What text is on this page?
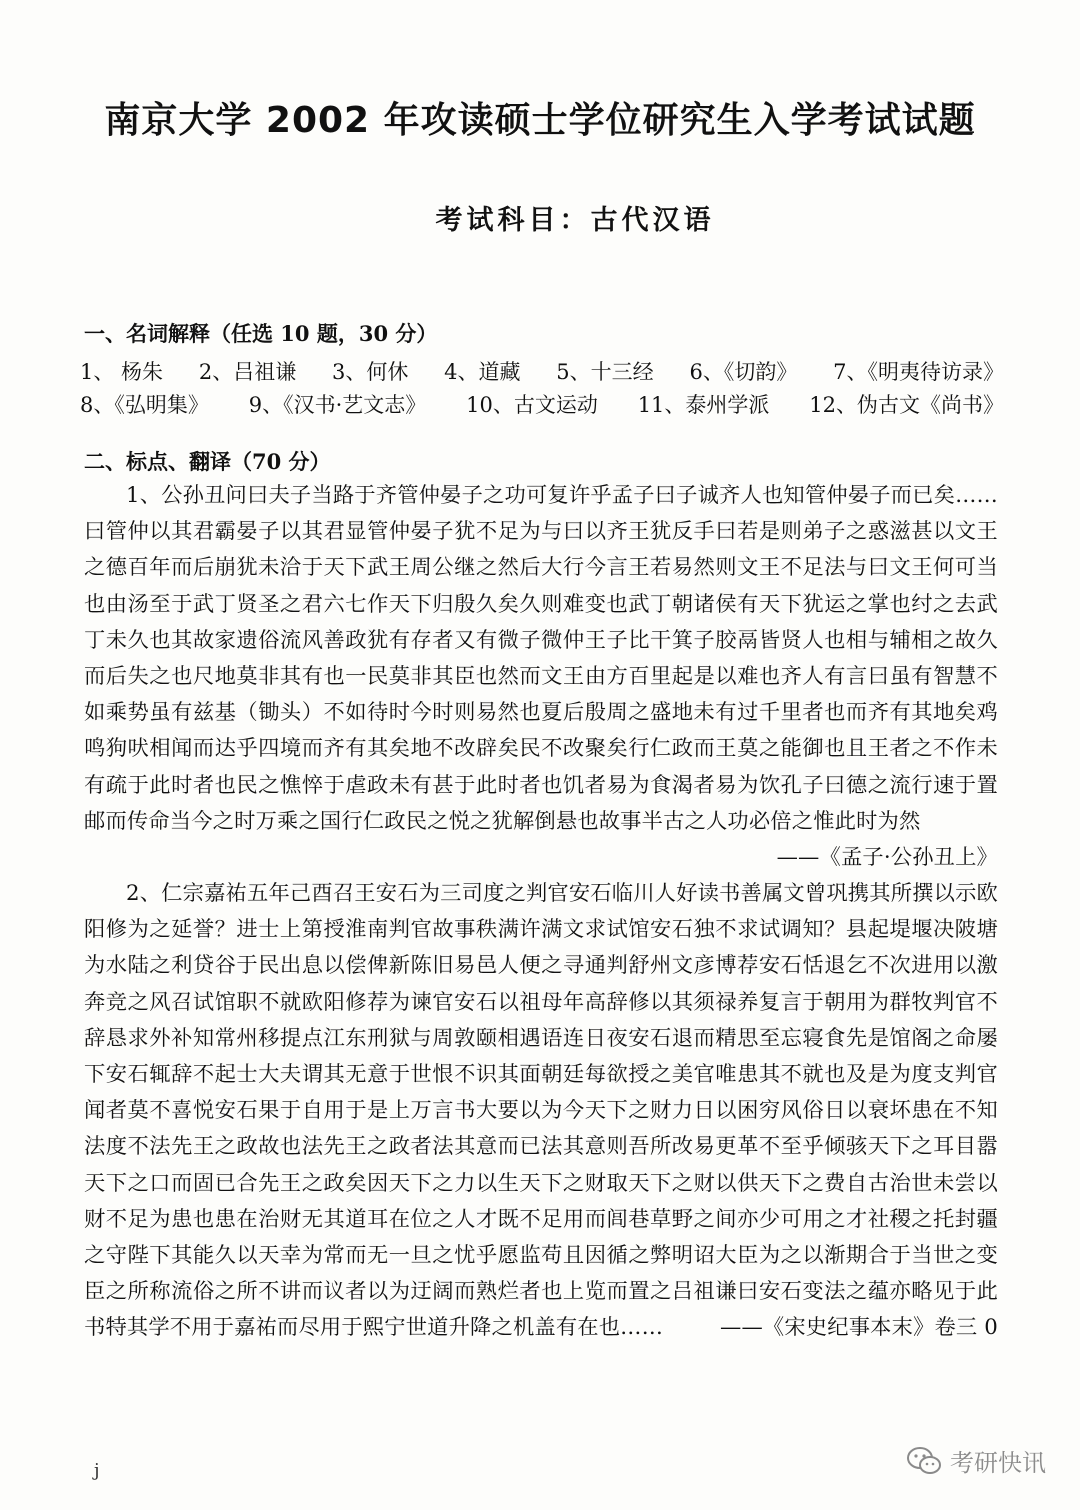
南京大学 2002 年攻读硕士学位研究生入学考试试题
考试科目：古代汉语
一、名词解释（任选 10 题，30 分）
1、 杨朱 2、吕祖谦 3、何休 4、道藏 5、十三经 6、《切韵》 7、《明夷待访录》
8、《弘明集》 9、《汉书·艺文志》 10、古文运动 11、泰州学派 12、伪古文《尚书》
二、标点、翻译（70 分）
1、公孙丑问曰夫子当路于齐管仲晏子之功可复许乎孟子曰子诚齐人也知管仲晏子而已矣……曰管仲以其君霸晏子以其君显管仲晏子犹不足为与曰以齐王犹反手曰若是则弟子之惑滋甚以文王之德百年而后崩犹未洽于天下武王周公继之然后大行今言王若易然则文王不足法与曰文王何可当也由汤至于武丁贤圣之君六七作天下归殷久矣久则难变也武丁朝诸侯有天下犹运之掌也纣之去武丁未久也其故家遗俗流风善政犹有存者又有微子微仲王子比干箕子胶鬲皆贤人也相与辅相之故久而后失之也尺地莫非其有也一民莫非其臣也然而文王由方百里起是以难也齐人有言曰虽有智慧不如乘势虽有兹基（锄头）不如待时今时则易然也夏后殷周之盛地未有过千里者也而齐有其地矣鸡鸣狗吠相闻而达乎四境而齐有其矣地不改辟矣民不改聚矣行仁政而王莫之能御也且王者之不作未有疏于此时者也民之憔悴于虐政未有甚于此时者也饥者易为食渴者易为饮孔子曰德之流行速于置邮而传命当今之时万乘之国行仁政民之悦之犹解倒悬也故事半古之人功必倍之惟此时为然
——《孟子·公孙丑上》
2、仁宗嘉祐五年己酉召王安石为三司度之判官安石临川人好读书善属文曾巩携其所撰以示欧阳修为之延誉？进士上第授淮南判官故事秩满许满文求试馆安石独不求试调知？县起堤堰决陂塘为水陆之利贷谷于民出息以偿俾新陈旧易邑人便之寻通判舒州文彦博荐安石恬退乞不次进用以激奔竞之风召试馆职不就欧阳修荐为谏官安石以祖母年高辞修以其须禄养复言于朝用为群牧判官不辞恳求外补知常州移提点江东刑狱与周敦颐相遇语连日夜安石退而精思至忘寝食先是馆阁之命屡下安石辄辞不起士大夫谓其无意于世恨不识其面朝廷每欲授之美官唯患其不就也及是为度支判官闻者莫不喜悦安石果于自用于是上万言书大要以为今天下之财力日以困穷风俗日以衰坏患在不知法度不法先王之政故也法先王之政者法其意而已法其意则吾所改易更革不至乎倾骇天下之耳目嚣天下之口而固已合先王之政矣因天下之力以生天下之财取天下之财以供天下之费自古治世未尝以财不足为患也患在治财无其道耳在位之人才既不足用而闾巷草野之间亦少可用之才社稷之托封疆之守陛下其能久以天幸为常而无一旦之忧乎愿监苟且因循之弊明诏大臣为之以渐期合于当世之变臣之所称流俗之所不讲而议者以为迂阔而熟烂者也上览而置之吕祖谦曰安石变法之蕴亦略见于此书特其学不用于嘉祐而尽用于熙宁世道升降之机盖有在也……	——《宋史纪事本末》卷三 0
j	考研快讯
